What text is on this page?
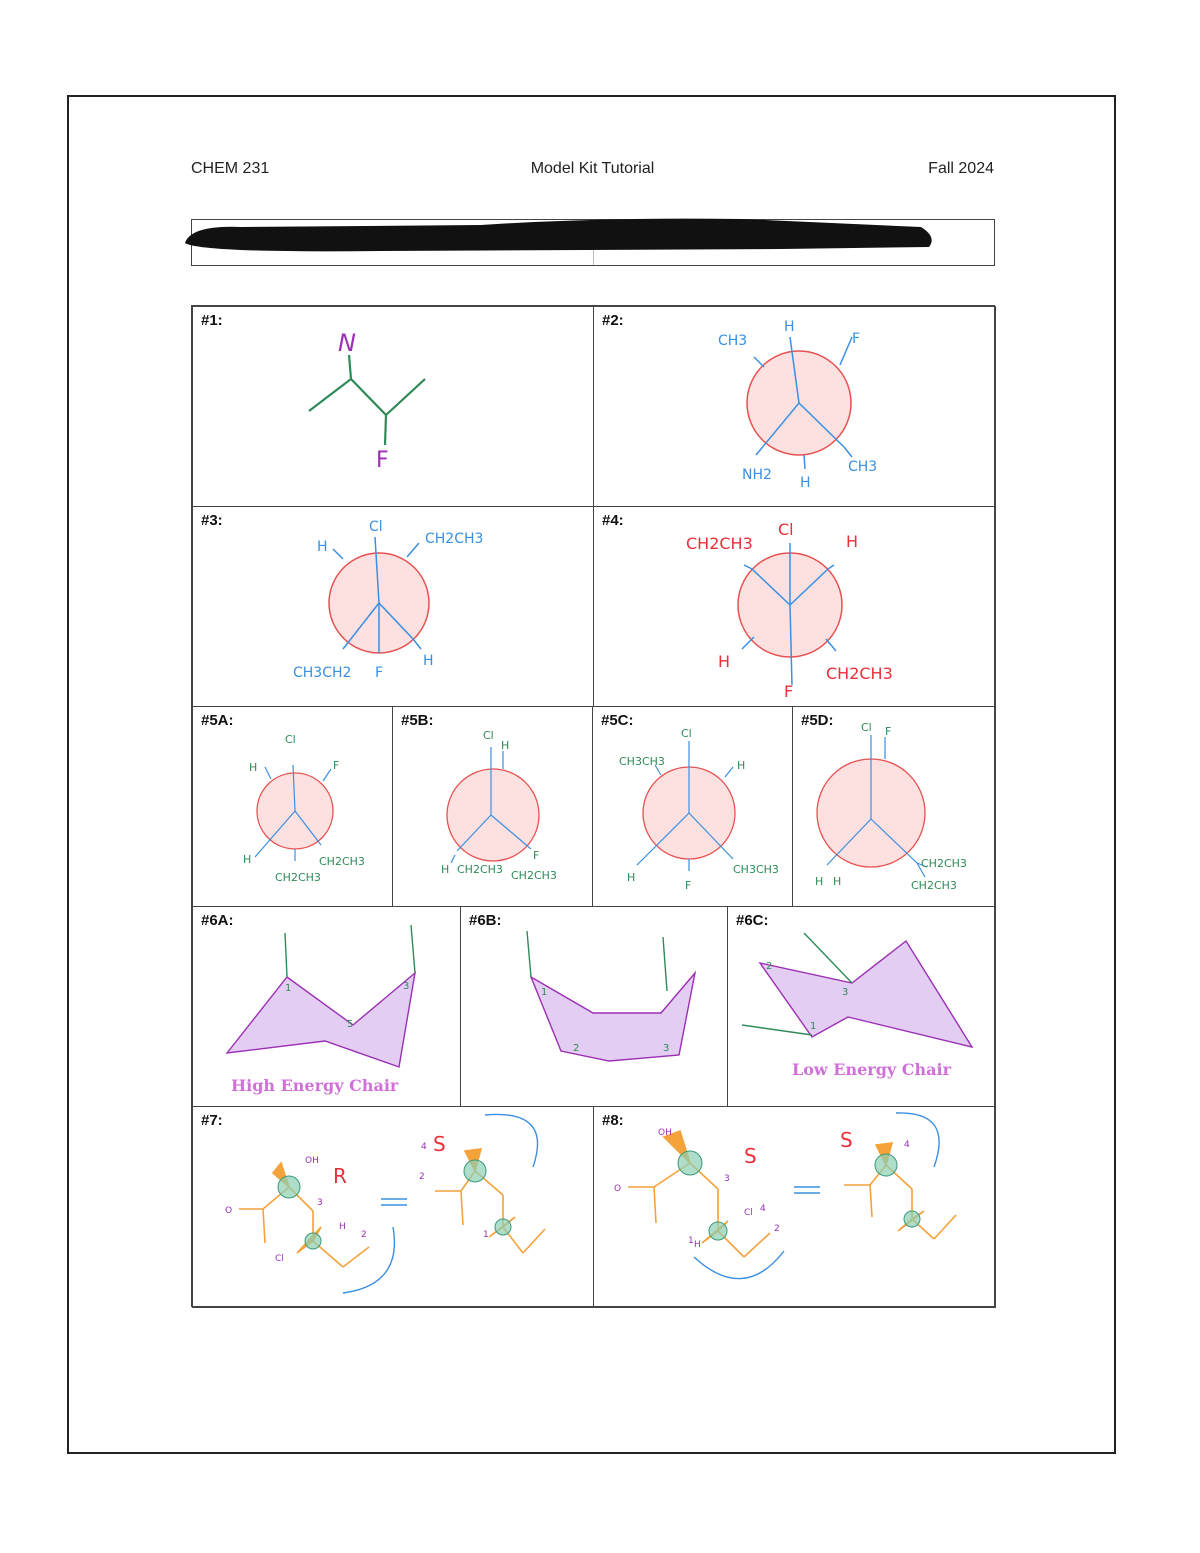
CHEM 231	Model Kit Tutorial	Fall 2024
#1:
N
F
#2:
CH3
H
F
NH2 H
CH3
#3:
H
Cl
CH2CH3
CH3CH2 F
H
#4:
CH2CH3
Cl
H
H
F
CH2CH3
#5A:
Cl
H	F
H
CH2CH3
CH2CH3
#5B:
Cl
H
F
H CH2CH3 CH2CH3
#5C:
Cl
CH3CH3	H
H
F
CH3CH3
#5D: Cl F
H H
CH2CH3
CH2CH3
#6A:
1	3
5
High Energy Chair
#6B:
1
2	3
#6C:
2
3
1
Low Energy Chair
#7:
O
OH
H
Cl
4
2
3
1
2
R
S
#8:
O
OH
Cl
H
4
3
2
1
4
S
S
